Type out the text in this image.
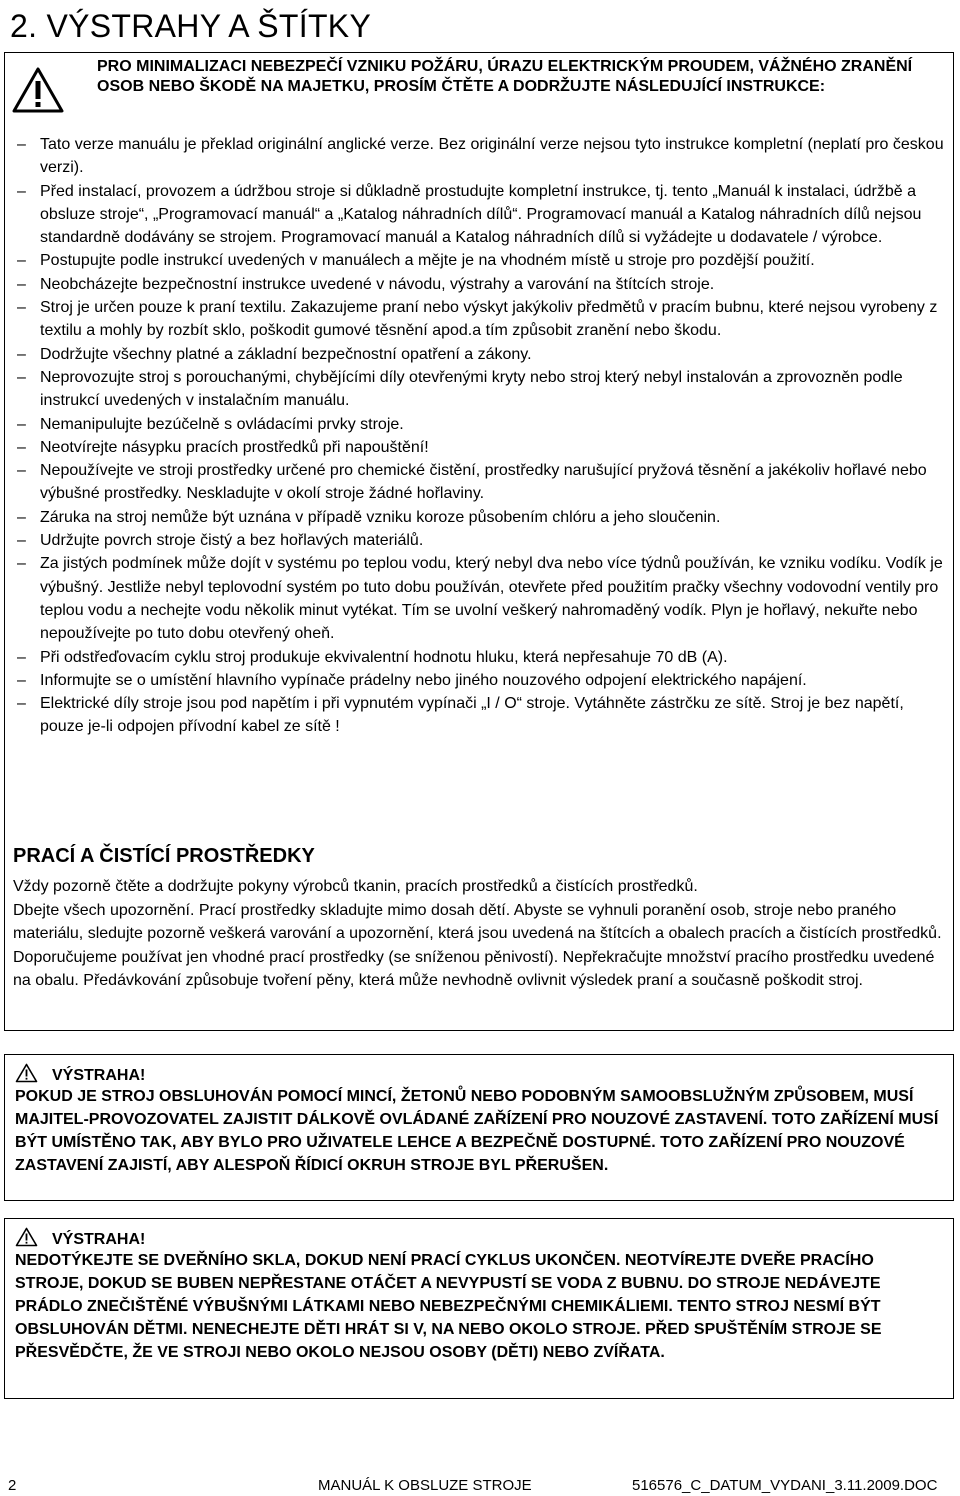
2. VÝSTRAHY A ŠTÍTKY

PRO MINIMALIZACI NEBEZPEČÍ VZNIKU POŽÁRU, ÚRAZU ELEKTRICKÝM PROUDEM, VÁŽNÉHO ZRANĚNÍ OSOB NEBO ŠKODĚ NA MAJETKU, PROSÍM ČTĚTE A DODRŽUJTE NÁSLEDUJÍCÍ INSTRUKCE:

– Tato verze manuálu je překlad originální anglické verze. Bez originální verze nejsou tyto instrukce kompletní (neplatí pro českou verzi).
– Před instalací, provozem a údržbou stroje si důkladně prostudujte kompletní instrukce, tj. tento „Manuál k instalaci, údržbě a obsluze stroje“, „Programovací manuál“ a „Katalog náhradních dílů“. Programovací manuál a Katalog náhradních dílů nejsou standardně dodávány se strojem. Programovací manuál a Katalog náhradních dílů si vyžádejte u dodavatele / výrobce.
– Postupujte podle instrukcí uvedených v manuálech a mějte je na vhodném místě u stroje pro pozdější použití.
– Neobcházejte bezpečnostní instrukce uvedené v návodu, výstrahy a varování na štítcích stroje.
– Stroj je určen pouze k praní textilu. Zakazujeme praní nebo výskyt jakýkoliv předmětů v pracím bubnu, které nejsou vyrobeny z textilu a mohly by rozbít sklo, poškodit gumové těsnění apod.a tím způsobit zranění nebo škodu.
– Dodržujte všechny platné a základní bezpečnostní opatření a zákony.
– Neprovozujte stroj s porouchanými, chybějícími díly otevřenými kryty nebo stroj který nebyl instalován a zprovozněn podle instrukcí uvedených v instalačním manuálu.
– Nemanipulujte bezúčelně s ovládacími prvky stroje.
– Neotvírejte násypku pracích prostředků při napouštění!
– Nepoužívejte ve stroji prostředky určené pro chemické čistění, prostředky narušující pryžová těsnění a jakékoliv hořlavé nebo výbušné prostředky. Neskladujte v okolí stroje žádné hořlaviny.
– Záruka na stroj nemůže být uznána v případě vzniku koroze působením chlóru a jeho sloučenin.
– Udržujte povrch stroje čistý a bez hořlavých materiálů.
– Za jistých podmínek může dojít v systému po teplou vodu, který nebyl dva nebo více týdnů používán, ke vzniku vodíku. Vodík je výbušný. Jestliže nebyl teplovodní systém po tuto dobu používán, otevřete před použitím pračky všechny vodovodní ventily pro teplou vodu a nechejte vodu několik minut vytékat. Tím se uvolní veškerý nahromaděný vodík. Plyn je hořlavý, nekuřte nebo nepoužívejte po tuto dobu otevřený oheň.
– Při odstřeďovacím cyklu stroj produkuje ekvivalentní hodnotu hluku, která nepřesahuje 70 dB (A).
– Informujte se o umístění hlavního vypínače prádelny nebo jiného nouzového odpojení elektrického napájení.
– Elektrické díly stroje jsou pod napětím i při vypnutém vypínači „I / O“ stroje. Vytáhněte zástrčku ze sítě. Stroj je bez napětí, pouze je-li odpojen přívodní kabel ze sítě !
PRACÍ A ČISTÍCÍ PROSTŘEDKY

Vždy pozorně čtěte a dodržujte pokyny výrobců tkanin, pracích prostředků a čistících prostředků.

Dbejte všech upozornění. Prací prostředky skladujte mimo dosah dětí. Abyste se vyhnuli poranění osob, stroje nebo praného materiálu, sledujte pozorně veškerá varování a upozornění, která jsou uvedená na štítcích a obalech pracích a čistících prostředků.

Doporučujeme používat jen vhodné prací prostředky (se sníženou pěnivostí). Nepřekračujte množství pracího prostředku uvedené na obalu. Předávkování způsobuje tvoření pěny, která může nevhodně ovlivnit výsledek praní a současně poškodit stroj.

VÝSTRAHA!

POKUD JE STROJ OBSLUHOVÁN POMOCÍ MINCÍ, ŽETONŮ NEBO PODOBNÝM SAMOOBSLUŽNÝM ZPŮSOBEM, MUSÍ MAJITEL-PROVOZOVATEL ZAJISTIT DÁLKOVĚ OVLÁDANÉ ZAŘÍZENÍ PRO NOUZOVÉ ZASTAVENÍ. TOTO ZAŘÍZENÍ MUSÍ BÝT UMÍSTĚNO TAK, ABY BYLO PRO UŽIVATELE LEHCE A BEZPEČNĚ DOSTUPNÉ. TOTO ZAŘÍZENÍ PRO NOUZOVÉ ZASTAVENÍ ZAJISTÍ, ABY ALESPOŇ ŘÍDICÍ OKRUH STROJE BYL PŘERUŠEN.

VÝSTRAHA!

NEDOTÝKEJTE SE DVEŘNÍHO SKLA, DOKUD NENÍ PRACÍ CYKLUS UKONČEN. NEOTVÍREJTE DVEŘE PRACÍHO STROJE, DOKUD SE BUBEN NEPŘESTANE OTÁČET A NEVYPUSTÍ SE VODA Z BUBNU. DO STROJE NEDÁVEJTE PRÁDLO ZNEČIŠTĚNÉ VÝBUŠNÝMI LÁTKAMI NEBO NEBEZPEČNÝMI CHEMIKÁLIEMI. TENTO STROJ NESMÍ BÝT OBSLUHOVÁN DĚTMI. NENECHEJTE DĚTI HRÁT SI V, NA NEBO OKOLO STROJE. PŘED SPUŠTĚNÍM STROJE SE PŘESVĚDČTE, ŽE VE STROJI NEBO OKOLO NEJSOU OSOBY (DĚTI) NEBO ZVÍŘATA.

2	MANUÁL K OBSLUZE STROJE	516576_C_DATUM_VYDANI_3.11.2009.DOC
